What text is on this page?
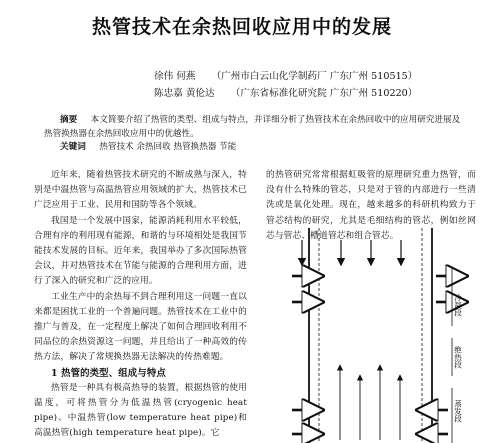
热管技术在余热回收应用中的发展
徐伟 何燕 （广州市白云山化学制药厂 广东广州 510515）
陈忠嘉 黄伦达 （广东省标准化研究院 广东广州 510220）
摘要 本文简要介绍了热管的类型、组成与特点，并详细分析了热管技术在余热回收中的应用研究进展及热管换热器在余热回收应用中的优越性。
关键词 热管技术 余热回收 热管换热器 节能

近年来，随着热管技术研究的不断成熟与深入，特别是中温热管与高温热管应用领域的扩大，热管技术已广泛应用于工业、民用和国防等各个领域。

我国是一个发展中国家，能源消耗利用水平较低，合理有序的利用现有能源，和谐的与环境相处是我国节能技术发展的目标。近年来，我国举办了多次国际热管会议，并对热管技术在节能与能源的合理利用方面，进行了深入的研究和广泛的应用。

工业生产中的余热每不到合理利用这一问题一直以来都是困扰工业的一个普遍问题。热管技术在工业中的推广与普及，在一定程度上解决了如何合理回收利用不同品位的余热资源这一问题，并且给出了一种高效的传热方法，解决了常规换热器无法解决的传热难题。

1 热管的类型、组成与特点

热管是一种具有极高热导的装置，根据热管的使用温度，可将热管分为低温热管(cryogenic heat pipe)、中温热管(low temperature heat pipe)和高温热管(high temperature heat pipe)。它

的热管研究常常根据虹吸管的原理研究重力热管，而没有什么特殊的管芯，只是对于管的内部进行一些清洗或是氧化处理。现在，越来越多的科研机构致力于管芯结构的研究，尤其是毛细结构的管芯，例如丝网芯与管芯、槽道管芯和组合管芯。

冷凝段
绝热段
蒸发段
